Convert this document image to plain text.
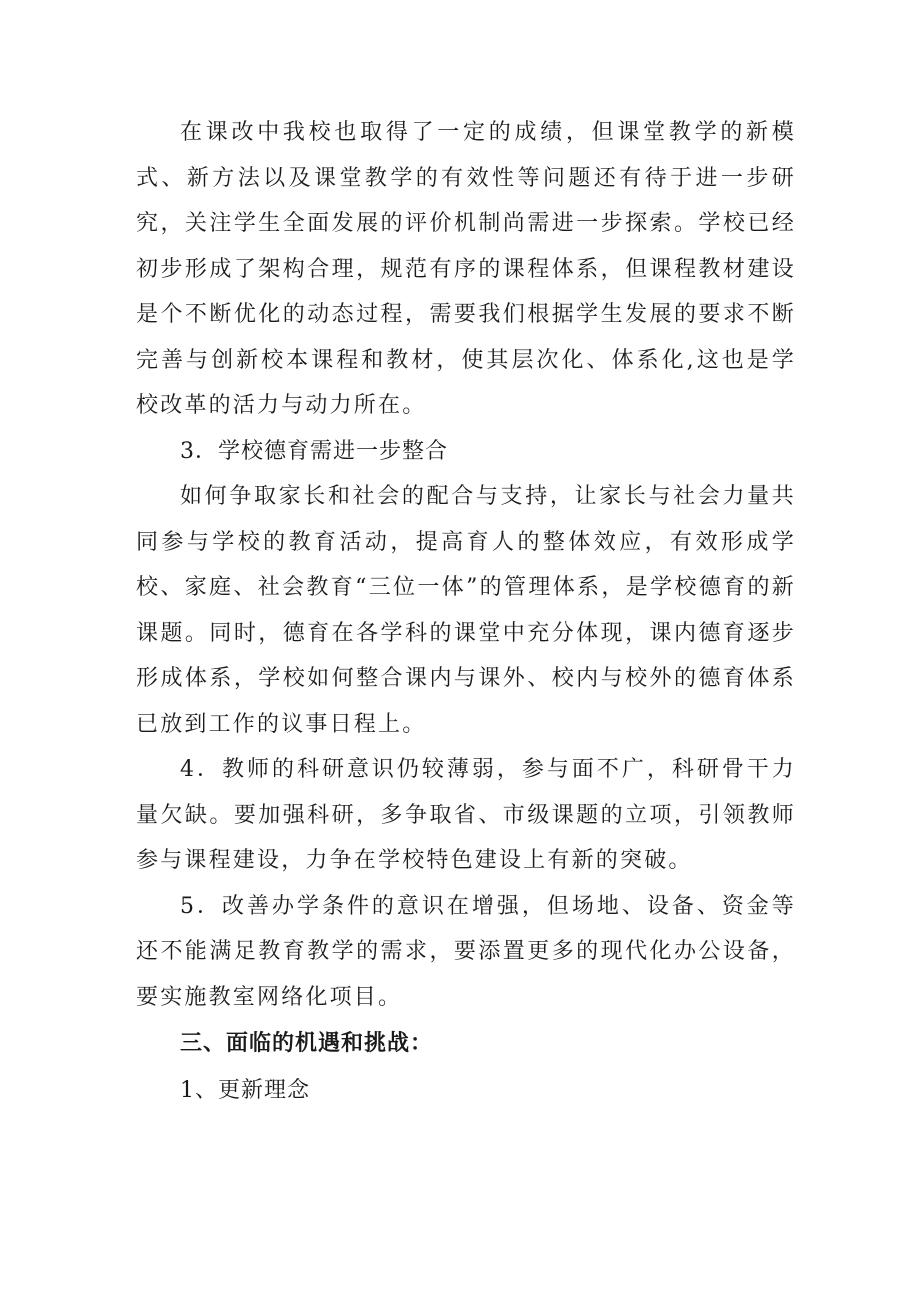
在课改中我校也取得了一定的成绩，但课堂教学的新模式、新方法以及课堂教学的有效性等问题还有待于进一步研究，关注学生全面发展的评价机制尚需进一步探索。学校已经初步形成了架构合理，规范有序的课程体系，但课程教材建设是个不断优化的动态过程，需要我们根据学生发展的要求不断完善与创新校本课程和教材，使其层次化、体系化,这也是学校改革的活力与动力所在。

3．学校德育需进一步整合

如何争取家长和社会的配合与支持，让家长与社会力量共同参与学校的教育活动，提高育人的整体效应，有效形成学校、家庭、社会教育“三位一体”的管理体系，是学校德育的新课题。同时，德育在各学科的课堂中充分体现，课内德育逐步形成体系，学校如何整合课内与课外、校内与校外的德育体系已放到工作的议事日程上。

4．教师的科研意识仍较薄弱，参与面不广，科研骨干力量欠缺。要加强科研，多争取省、市级课题的立项，引领教师参与课程建设，力争在学校特色建设上有新的突破。

5．改善办学条件的意识在增强，但场地、设备、资金等还不能满足教育教学的需求，要添置更多的现代化办公设备，要实施教室网络化项目。

三、面临的机遇和挑战：

1、更新理念
